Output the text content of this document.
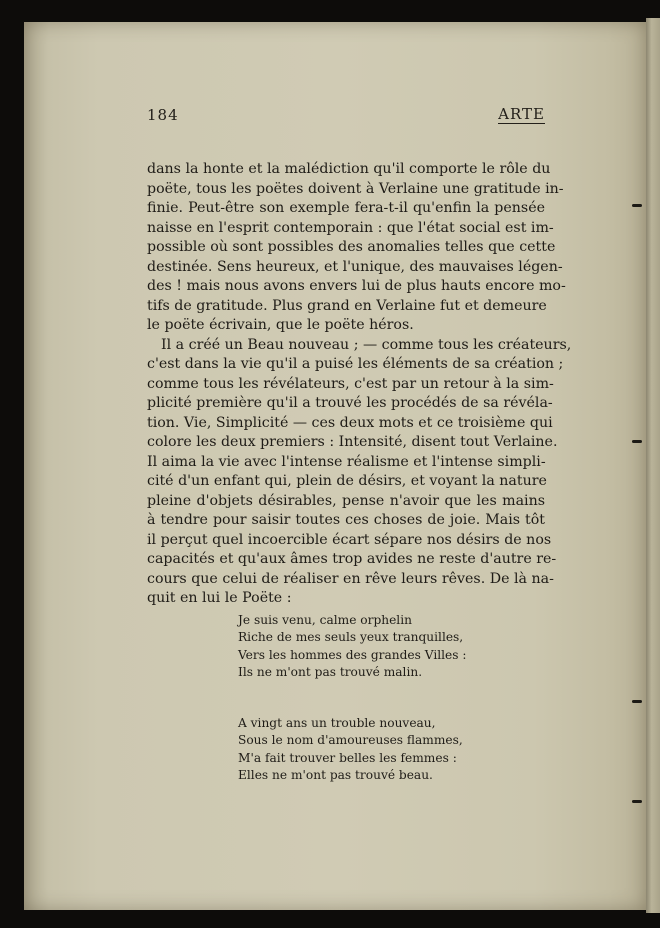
184	ARTE
dans la honte et la malédiction qu'il comporte le rôle du
poëte, tous les poëtes doivent à Verlaine une gratitude in-
finie. Peut-être son exemple fera-t-il qu'enfin la pensée
naisse en l'esprit contemporain : que l'état social est im-
possible où sont possibles des anomalies telles que cette
destinée. Sens heureux, et l'unique, des mauvaises légen-
des ! mais nous avons envers lui de plus hauts encore mo-
tifs de gratitude. Plus grand en Verlaine fut et demeure
le poëte écrivain, que le poëte héros.
Il a créé un Beau nouveau ; — comme tous les créateurs,
c'est dans la vie qu'il a puisé les éléments de sa création ;
comme tous les révélateurs, c'est par un retour à la sim-
plicité première qu'il a trouvé les procédés de sa révéla-
tion. Vie, Simplicité — ces deux mots et ce troisième qui
colore les deux premiers : Intensité, disent tout Verlaine.
Il aima la vie avec l'intense réalisme et l'intense simpli-
cité d'un enfant qui, plein de désirs, et voyant la nature
pleine d'objets désirables, pense n'avoir que les mains
à tendre pour saisir toutes ces choses de joie. Mais tôt
il perçut quel incoercible écart sépare nos désirs de nos
capacités et qu'aux âmes trop avides ne reste d'autre re-
cours que celui de réaliser en rêve leurs rêves. De là na-
quit en lui le Poëte :
Je suis venu, calme orphelin
Riche de mes seuls yeux tranquilles,
Vers les hommes des grandes Villes :
Ils ne m'ont pas trouvé malin.
A vingt ans un trouble nouveau,
Sous le nom d'amoureuses flammes,
M'a fait trouver belles les femmes :
Elles ne m'ont pas trouvé beau.
